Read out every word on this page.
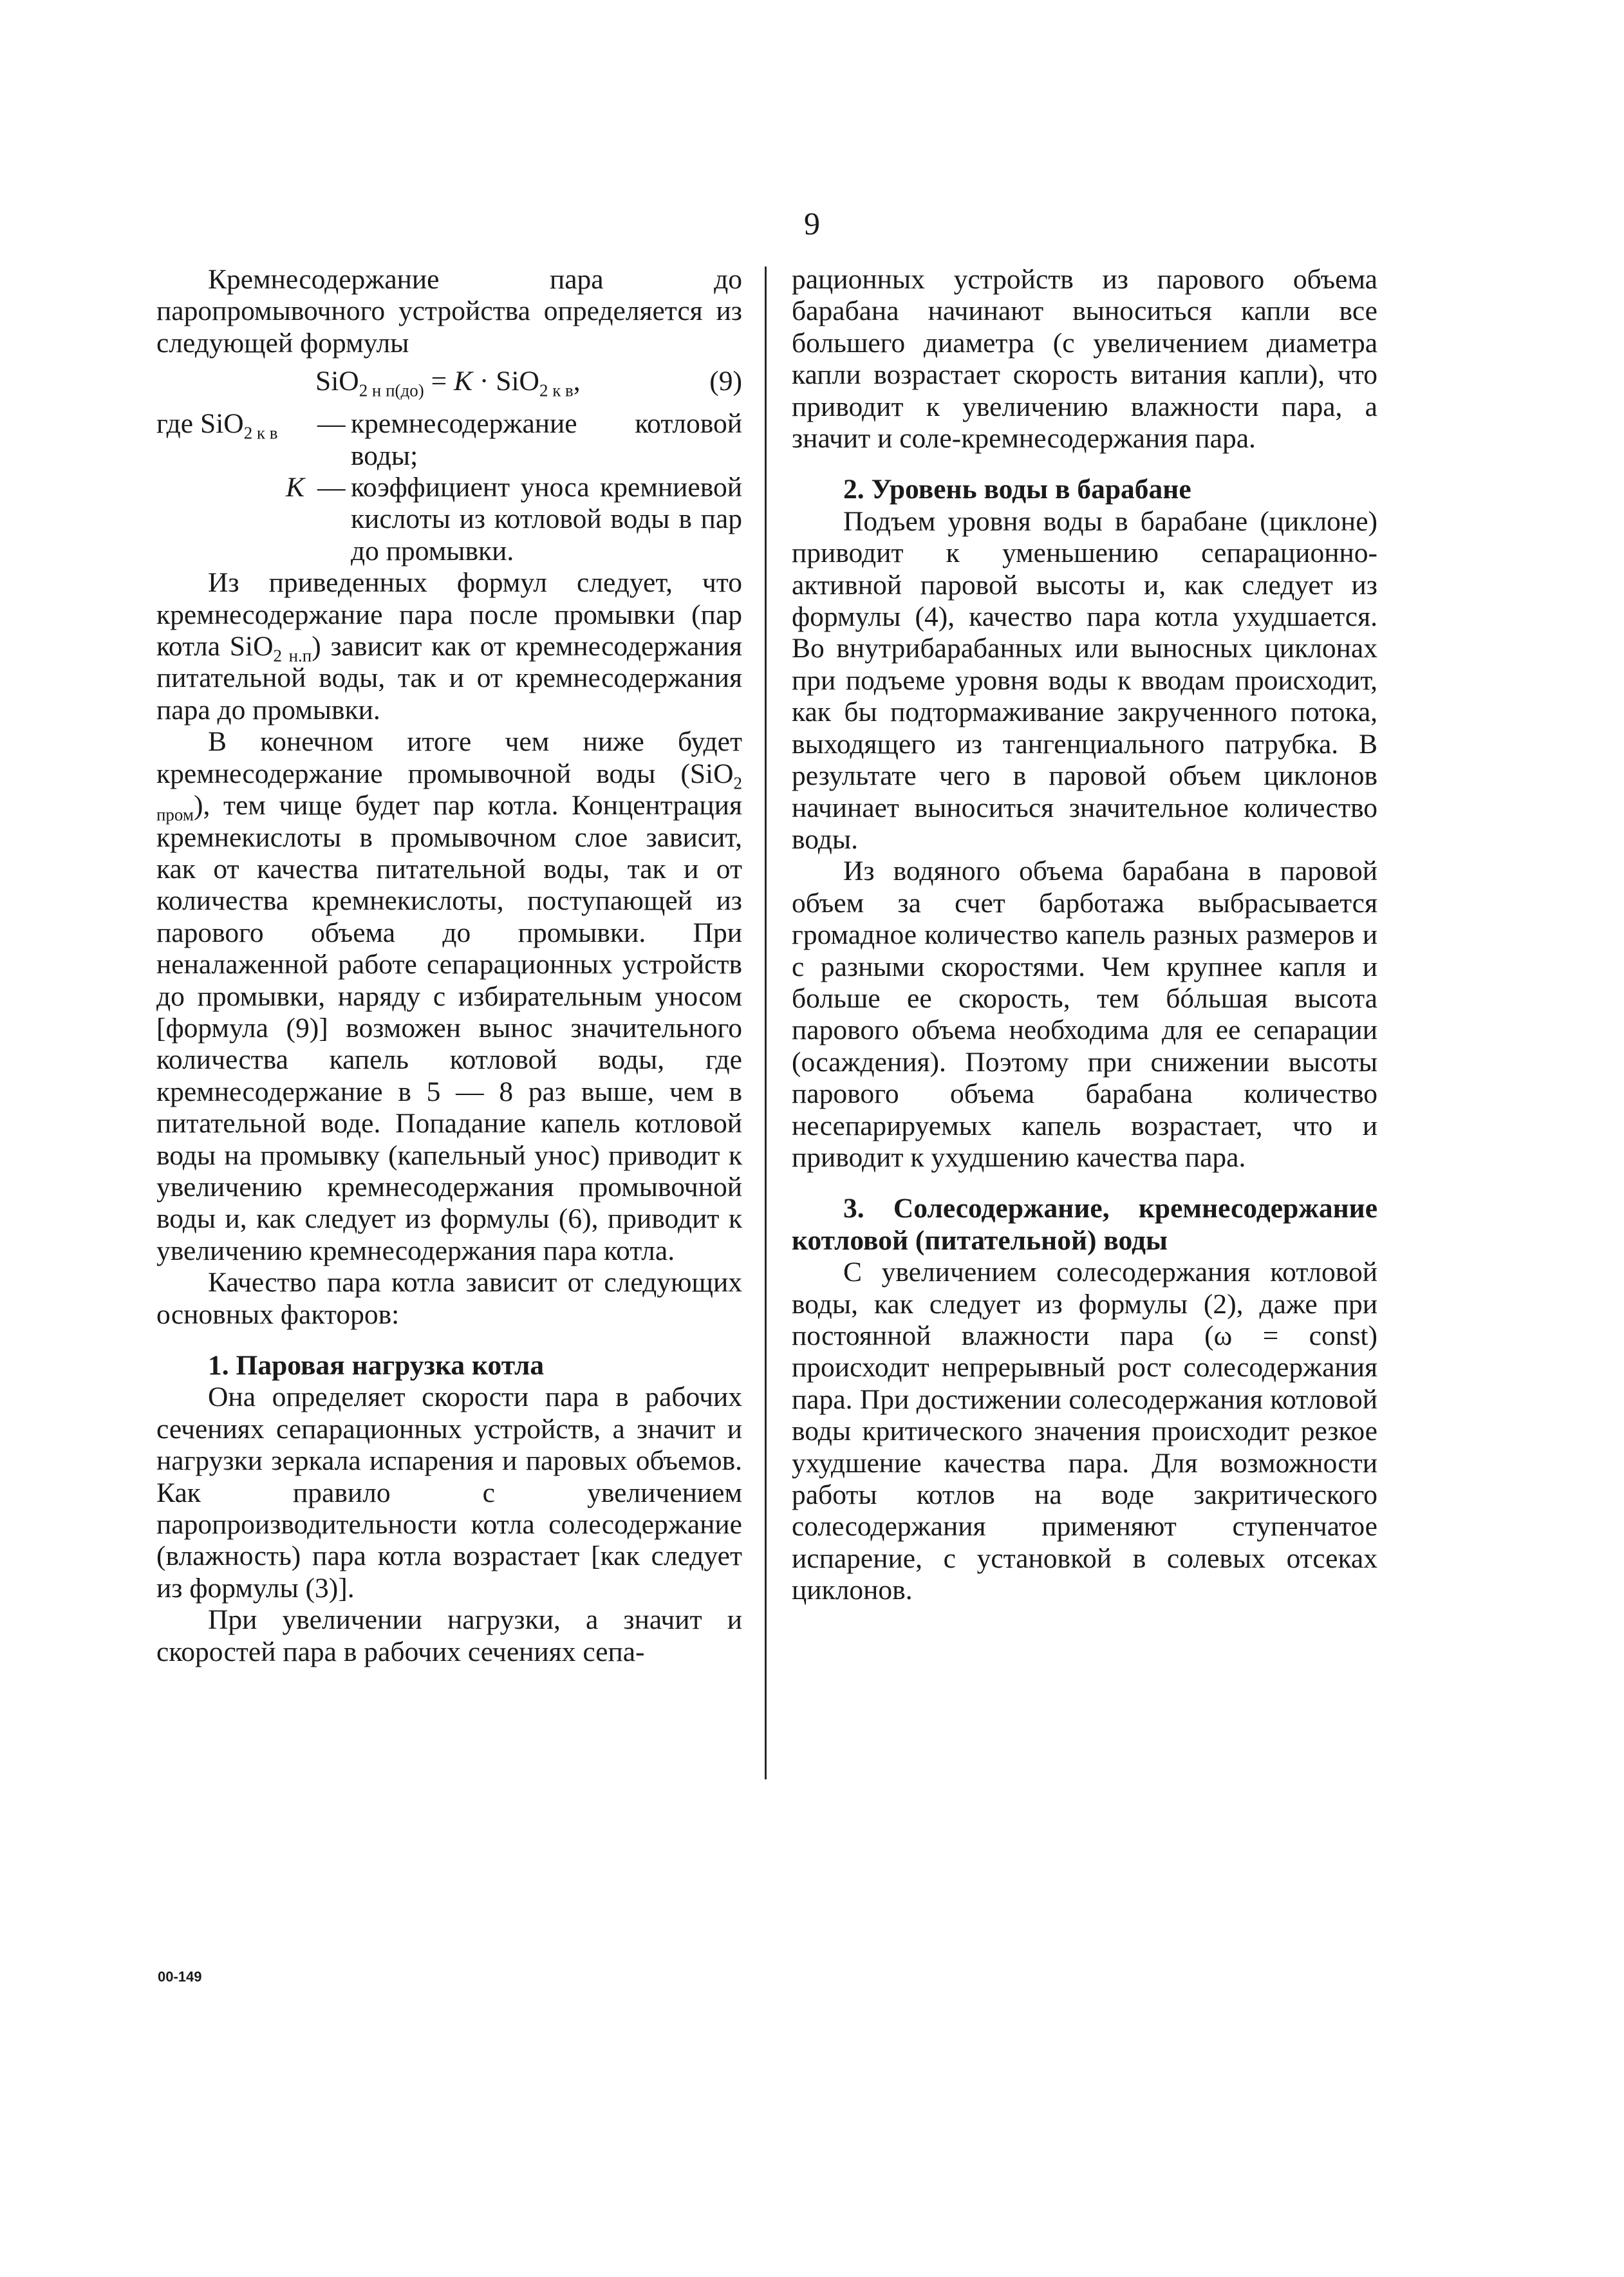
9

Кремнесодержание пара до паропромывочного устройства определяется из следующей формулы

SiO$_{2 н п(до)}$ = K · SiO$_{2 к в}$,	(9)
где SiO$_{2 к в}$	— кремнесодержание котловой воды;
K — коэффициент уноса кремниевой кислоты из котловой воды в пар до промывки.

Из приведенных формул следует, что кремнесодержание пара после промывки (пар котла SiO$_{2 н.п}$) зависит как от кремнесодержания питательной воды, так и от кремнесодержания пара до промывки.

В конечном итоге чем ниже будет кремнесодержание промывочной воды (SiO$_{2 пром}$), тем чище будет пар котла. Концентрация кремнекислоты в промывочном слое зависит, как от качества питательной воды, так и от количества кремнекислоты, поступающей из парового объема до промывки. При неналаженной работе сепарационных устройств до промывки, наряду с избирательным уносом [формула (9)] возможен вынос значительного количества капель котловой воды, где кремнесодержание в 5 — 8 раз выше, чем в питательной воде. Попадание капель котловой воды на промывку (капельный унос) приводит к увеличению кремнесодержания промывочной воды и, как следует из формулы (6), приводит к увеличению кремнесодержания пара котла.

Качество пара котла зависит от следующих основных факторов:

1. Паровая нагрузка котла

Она определяет скорости пара в рабочих сечениях сепарационных устройств, а значит и нагрузки зеркала испарения и паровых объемов. Как правило с увеличением паропроизводительности котла солесодержание (влажность) пара котла возрастает [как следует из формулы (3)].

При увеличении нагрузки, а значит и скоростей пара в рабочих сечениях сепа-

рационных устройств из парового объема барабана начинают выноситься капли все большего диаметра (с увеличением диаметра капли возрастает скорость витания капли), что приводит к увеличению влажности пара, а значит и соле-кремнесодержания пара.

2. Уровень воды в барабане

Подъем уровня воды в барабане (циклоне) приводит к уменьшению сепарационно-активной паровой высоты и, как следует из формулы (4), качество пара котла ухудшается. Во внутрибарабанных или выносных циклонах при подъеме уровня воды к вводам происходит, как бы подтормаживание закрученного потока, выходящего из тангенциального патрубка. В результате чего в паровой объем циклонов начинает выноситься значительное количество воды.

Из водяного объема барабана в паровой объем за счет барботажа выбрасывается громадное количество капель разных размеров и с разными скоростями. Чем крупнее капля и больше ее скорость, тем бóльшая высота парового объема необходима для ее сепарации (осаждения). Поэтому при снижении высоты парового объема барабана количество несепарируемых капель возрастает, что и приводит к ухудшению качества пара.

3. Солесодержание, кремнесодержание котловой (питательной) воды

С увеличением солесодержания котловой воды, как следует из формулы (2), даже при постоянной влажности пара (ω = const) происходит непрерывный рост солесодержания пара. При достижении солесодержания котловой воды критического значения происходит резкое ухудшение качества пара. Для возможности работы котлов на воде закритического солесодержания применяют ступенчатое испарение, с установкой в солевых отсеках циклонов.

00-149
